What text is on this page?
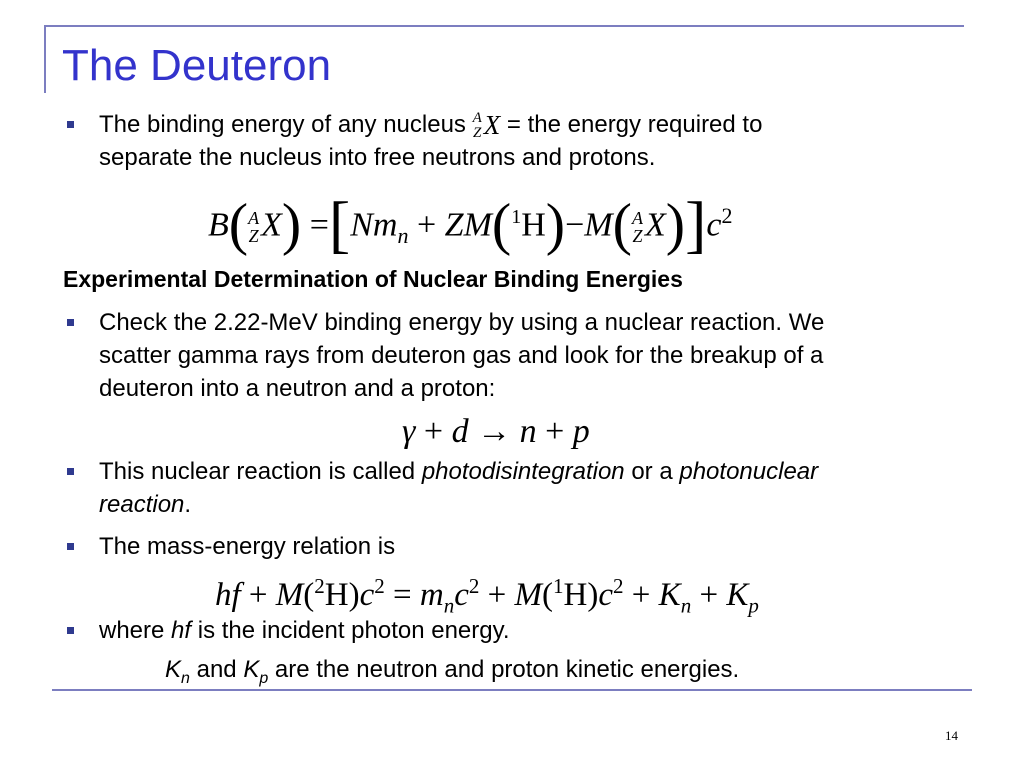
The Deuteron
The binding energy of any nucleus A
Z X = the energy required to
separate the nucleus into free neutrons and protons.
B( A
Z $X) =[Nm_n + ZM(^1H)-M$( A
Z $X)]c^2$
Experimental Determination of Nuclear Binding Energies
Check the 2.22-MeV binding energy by using a nuclear reaction. We
scatter gamma rays from deuteron gas and look for the breakup of a
deuteron into a neutron and a proton:
γ + d → n + p
This nuclear reaction is called photodisintegration or a photonuclear
reaction.
The mass-energy relation is
hf + $M(^2H)c^2 = m_nc^2 + M(^1H)c^2 + K_n + K_p$
where hf is the incident photon energy.
$K_n$ and $K_p$ are the neutron and proton kinetic energies.
14
